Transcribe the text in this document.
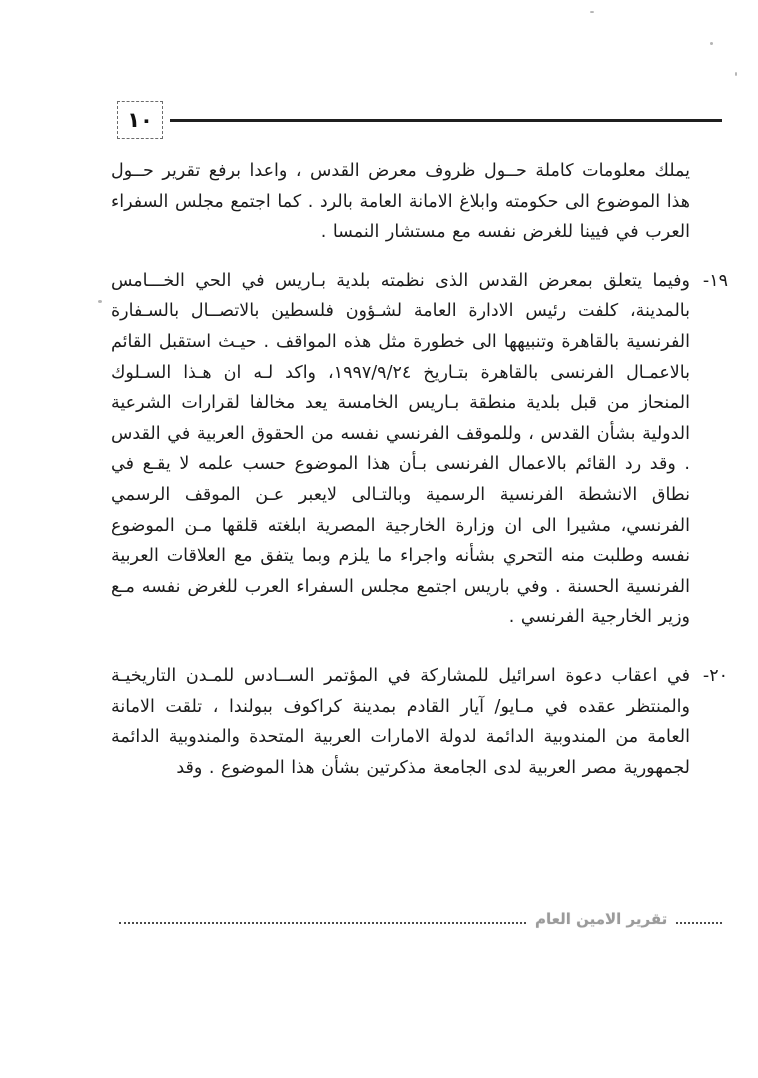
١٠

يملك معلومات كاملة حــول ظروف معرض القدس ، واعدا برفع تقرير حــول هذا الموضوع الى حكومته وابلاغ الامانة العامة بالرد . كما اجتمع مجلس السفراء العرب في فيينا للغرض نفسه مع مستشار النمسا .

١٩-
وفيما يتعلق بمعرض القدس الذى نظمته بلدية بـاريس في الحي الخـــامس بالمدينة، كلفت رئيس الادارة العامة لشـؤون فلسطين بالاتصــال بالسـفارة الفرنسية بالقاهرة وتنبيهها الى خطورة مثل هذه المواقف . حيـث استقبل القائم بالاعمـال الفرنسى بالقاهرة بتـاريخ ١٩٩٧/٩/٢٤، واكد لـه ان هـذا السـلوك المنحاز من قبل بلدية منطقة بـاريس الخامسة يعد مخالفا لقرارات الشرعية الدولية بشأن القدس ، وللموقف الفرنسي نفسه من الحقوق العربية في القدس . وقد رد القائم بالاعمال الفرنسى بـأن هذا الموضوع حسب علمه لا يقـع في نطاق الانشطة الفرنسية الرسمية وبالتـالى لايعبر عـن الموقف الرسمي الفرنسي، مشيرا الى ان وزارة الخارجية المصرية ابلغته قلقها مـن الموضوع نفسه وطلبت منه التحري بشأنه واجراء ما يلزم وبما يتفق مع العلاقات العربية الفرنسية الحسنة . وفي باريس اجتمع مجلس السفراء العرب للغرض نفسه مـع وزير الخارجية الفرنسي .
٢٠-
في اعقاب دعوة اسرائيل للمشاركة في المؤتمر الســادس للمـدن التاريخيـة والمنتظر عقده في مـايو/ آيار القادم بمدينة كراكوف ببولندا ، تلقت الامانة العامة من المندوبية الدائمة لدولة الامارات العربية المتحدة والمندوبية الدائمة لجمهورية مصر العربية لدى الجامعة مذكرتين بشأن هذا الموضوع . وقد
تقرير الامين العام
